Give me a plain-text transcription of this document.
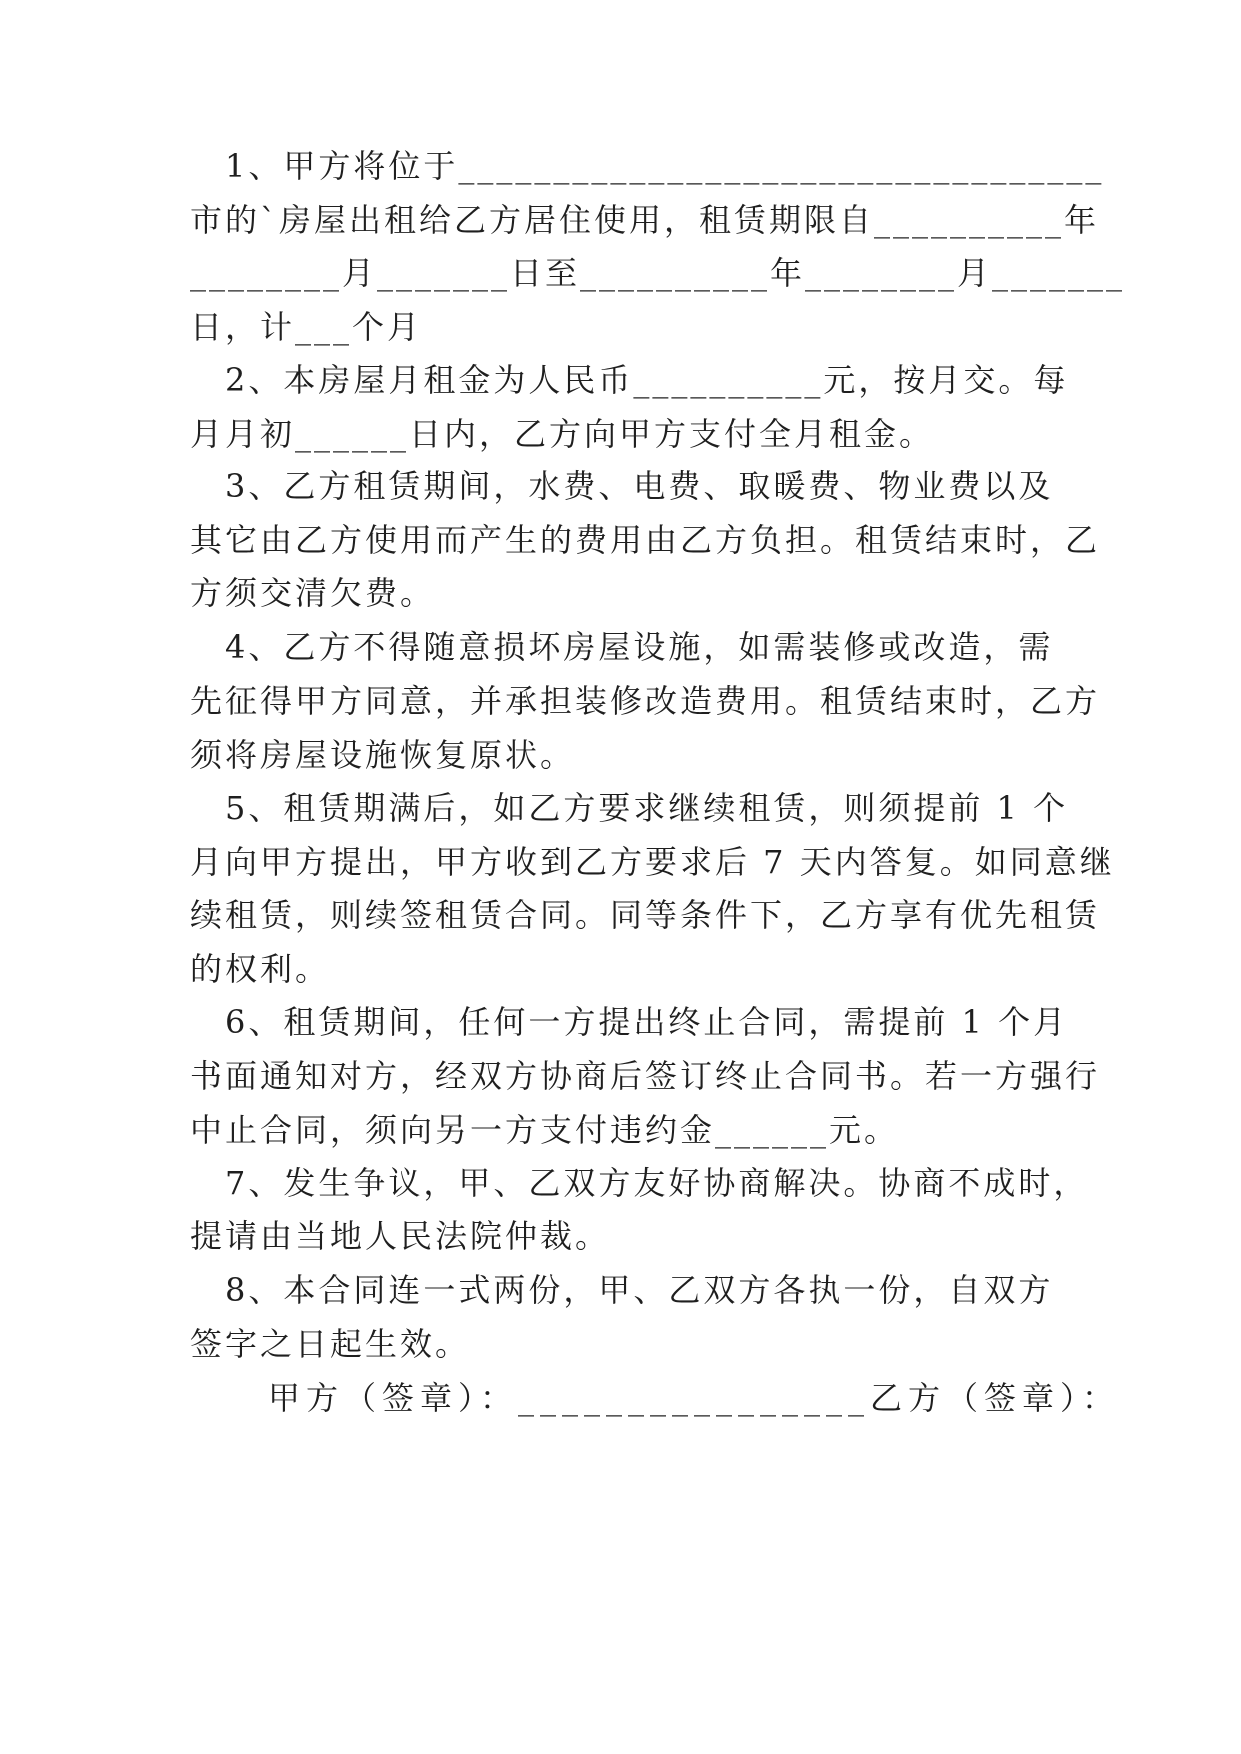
　1、甲方将位于__________________________________

市的`房屋出租给乙方居住使用，租赁期限自__________年

________月_______日至__________年________月_______

日，计___个月

　2、本房屋月租金为人民币__________元，按月交。每

月月初______日内，乙方向甲方支付全月租金。

　3、乙方租赁期间，水费、电费、取暖费、物业费以及

其它由乙方使用而产生的费用由乙方负担。租赁结束时，乙

方须交清欠费。

　4、乙方不得随意损坏房屋设施，如需装修或改造，需

先征得甲方同意，并承担装修改造费用。租赁结束时，乙方

须将房屋设施恢复原状。

　5、租赁期满后，如乙方要求继续租赁，则须提前 1 个

月向甲方提出，甲方收到乙方要求后 7 天内答复。如同意继

续租赁，则续签租赁合同。同等条件下，乙方享有优先租赁

的权利。

　6、租赁期间，任何一方提出终止合同，需提前 1 个月

书面通知对方，经双方协商后签订终止合同书。若一方强行

中止合同，须向另一方支付违约金______元。

　7、发生争议，甲、乙双方友好协商解决。协商不成时，

提请由当地人民法院仲裁。

　8、本合同连一式两份，甲、乙双方各执一份，自双方

签字之日起生效。

甲方（签章）：________________乙方（签章）：
